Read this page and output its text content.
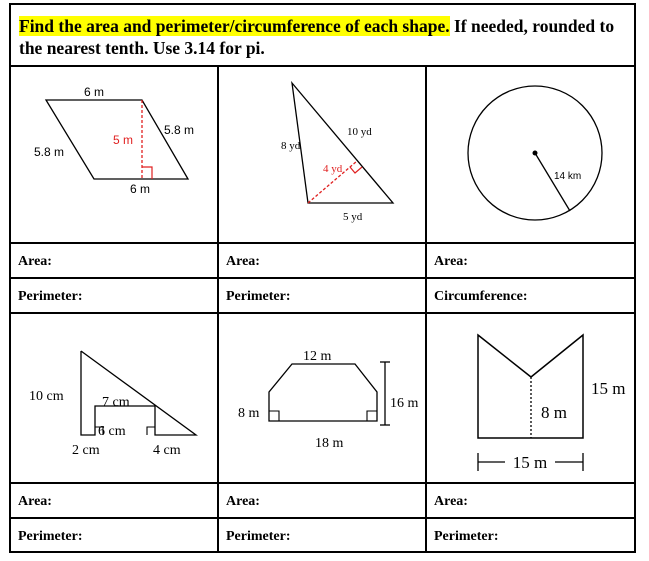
Find the area and perimeter/circumference of each shape. If needed, rounded to the nearest tenth. Use 3.14 for pi.
Area:	Area:	Area:
Perimeter:	Perimeter:	Circumference:
Area:	Area:	Area:
Perimeter:	Perimeter:	Perimeter:
6 m
6 m
5.8 m
5.8 m
5 m	8 yd
10 yd
4 yd
5 yd
14 km
10 cm	7 cm
6 cm
2 cm	4 cm
12 m
8 m
16 m
18 m
15 m
8 m
15 m
